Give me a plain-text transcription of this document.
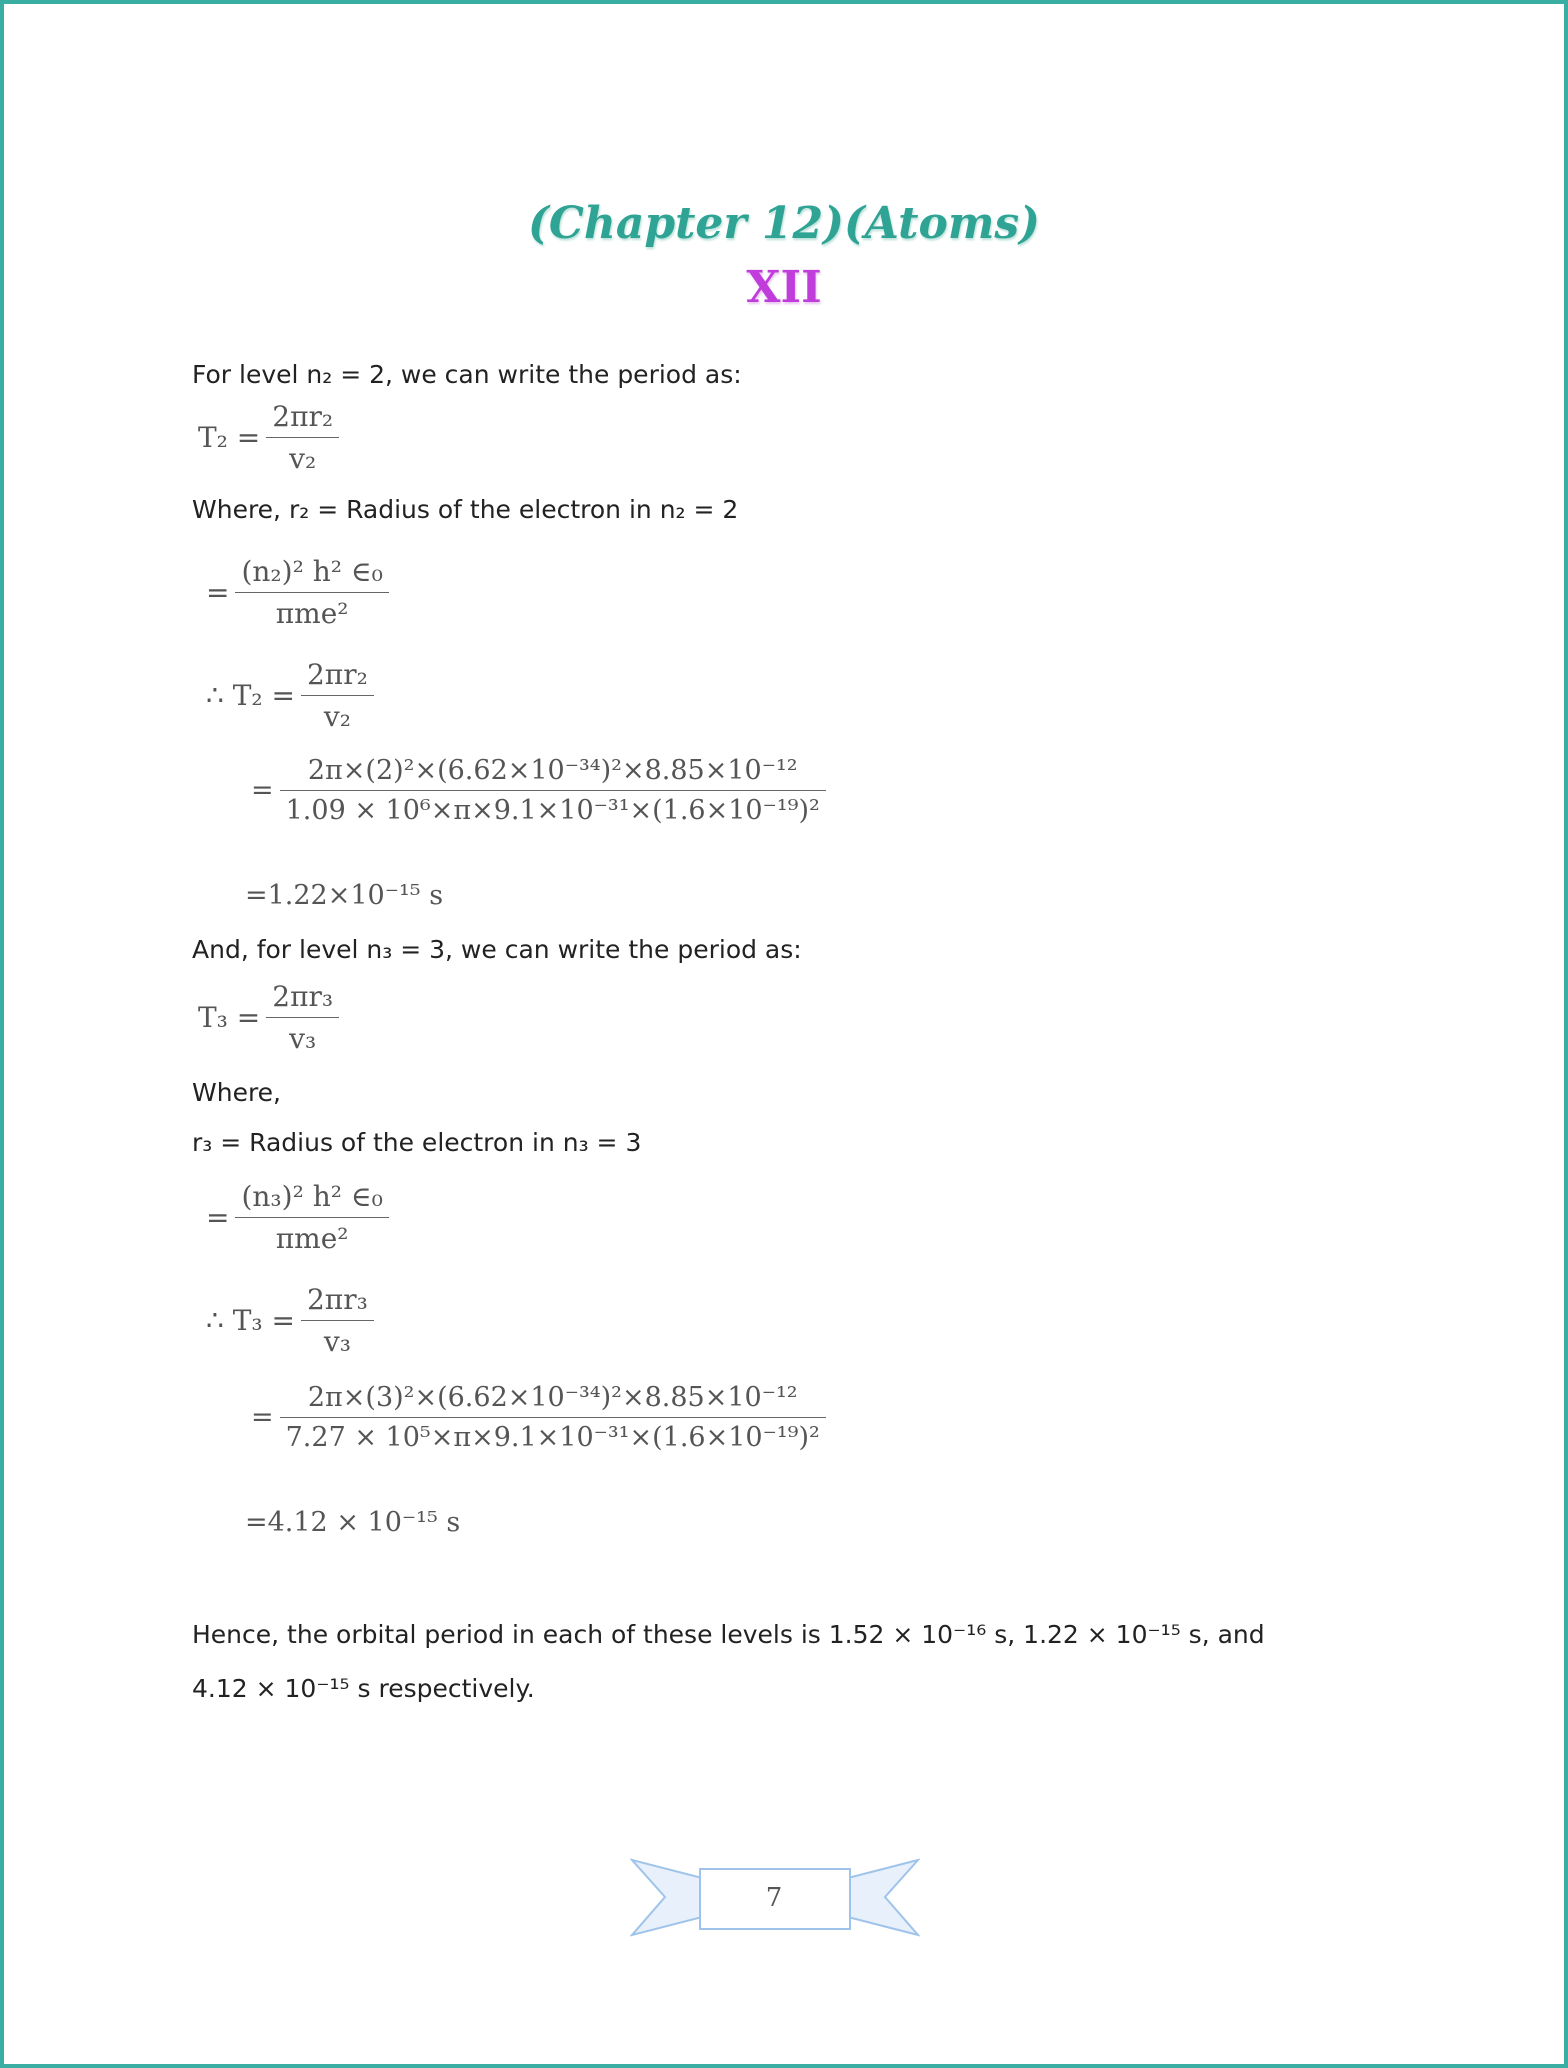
(Chapter 12)(Atoms)
XII
For level n₂ = 2, we can write the period as:
$T_2 = \frac{\text{2πr₂}}{\text{v₂}}$
Where, r₂ = Radius of the electron in n₂ = 2
= $\frac{\text{(n₂)² h² ∈₀}}{\text{πme²}}$
∴ $T_2 = \frac{\text{2πr₂}}{\text{v₂}}$
= $\frac{\text{2π×(2)²×(6.62×10⁻³⁴)²×8.85×10⁻¹²}}{\text{1.09 × 10⁶×π×9.1×10⁻³¹×(1.6×10⁻¹⁹)²}}$
=1.22×10⁻¹⁵ s
And, for level n₃ = 3, we can write the period as:
$T_3 = \frac{\text{2πr₃}}{\text{v₃}}$
Where,
r₃ = Radius of the electron in n₃ = 3
= $\frac{\text{(n₃)² h² ∈₀}}{\text{πme²}}$
∴ $T_3 = \frac{\text{2πr₃}}{\text{v₃}}$
= $\frac{\text{2π×(3)²×(6.62×10⁻³⁴)²×8.85×10⁻¹²}}{\text{7.27 × 10⁵×π×9.1×10⁻³¹×(1.6×10⁻¹⁹)²}}$
=4.12 × 10⁻¹⁵ s
Hence, the orbital period in each of these levels is 1.52 × 10⁻¹⁶ s, 1.22 × 10⁻¹⁵ s, and
4.12 × 10⁻¹⁵ s respectively.
7
